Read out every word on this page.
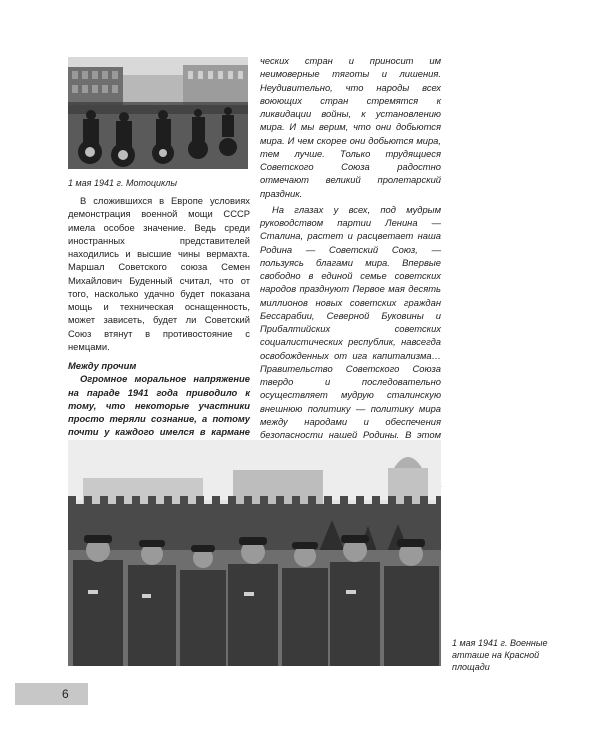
1 мая 1941 г. Мотоциклы

В сложившихся в Европе условиях демонстрация военной мощи СССР имела особое значение. Ведь среди иностранных представителей находились и высшие чины вермахта. Маршал Советского союза Семен Михайлович Буденный считал, что от того, насколько удачно будет показана мощь и техническая оснащенность, может зависеть, будет ли Советский Союз втянут в противостояние с немцами.

Между прочим

Огромное моральное напряжение на параде 1941 года приводило к тому, что некоторые участники просто теряли сознание, а потому почти у каждого имелся в кармане

ческих стран и приносит им неимоверные тяготы и лишения. Неудивительно, что народы всех воюющих стран стремятся к ликвидации войны, к установлению мира. И мы верим, что они добьются мира. И чем скорее они добьются мира, тем лучше. Только трудящиеся Советского Союза радостно отмечают великий пролетарский праздник.

На глазах у всех, под мудрым руководством партии Ленина — Сталина, растет и расцветает наша Родина — Советский Союз, — пользуясь благами мира. Впервые свободно в единой семье советских народов празднуют Первое мая десять миллионов новых советских граждан Бессарабии, Северной Буковины и Прибалтийских советских социалистических республик, навсегда освобожденных от ига капитализма… Правительство Советского Союза твердо и последовательно осуществляет мудрую сталинскую внешнюю политику — политику мира между народами и обеспечения безопасности нашей Родины. В этом

1 мая 1941 г. Военные
атташе на Красной
площади
6
